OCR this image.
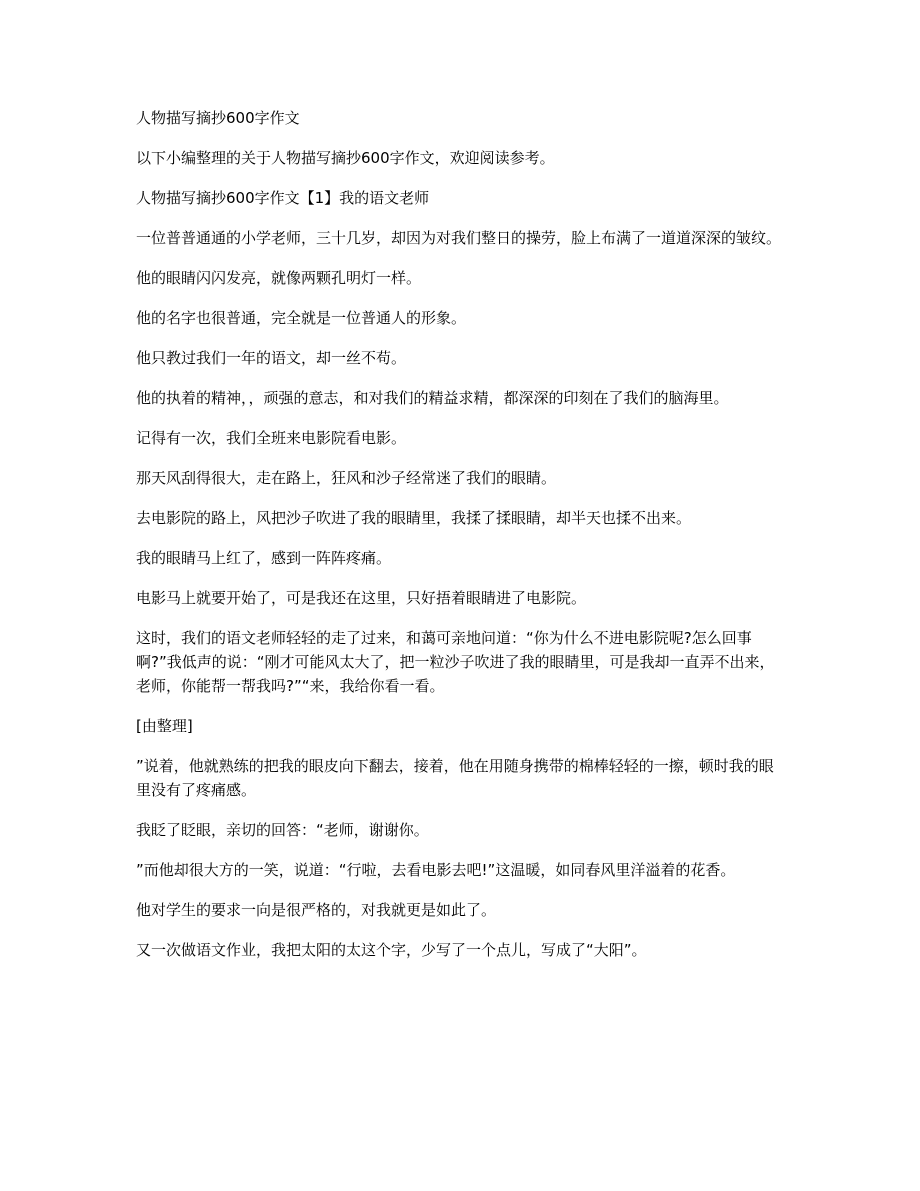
人物描写摘抄600字作文

以下小编整理的关于人物描写摘抄600字作文，欢迎阅读参考。

人物描写摘抄600字作文【1】我的语文老师

一位普普通通的小学老师，三十几岁，却因为对我们整日的操劳，脸上布满了一道道深深的皱纹。

他的眼睛闪闪发亮，就像两颗孔明灯一样。

他的名字也很普通，完全就是一位普通人的形象。

他只教过我们一年的语文，却一丝不苟。

他的执着的精神，，顽强的意志，和对我们的精益求精，都深深的印刻在了我们的脑海里。

记得有一次，我们全班来电影院看电影。

那天风刮得很大，走在路上，狂风和沙子经常迷了我们的眼睛。

去电影院的路上，风把沙子吹进了我的眼睛里，我揉了揉眼睛，却半天也揉不出来。

我的眼睛马上红了，感到一阵阵疼痛。

电影马上就要开始了，可是我还在这里，只好捂着眼睛进了电影院。

这时，我们的语文老师轻轻的走了过来，和蔼可亲地问道：“你为什么不进电影院呢?怎么回事啊?”我低声的说：“刚才可能风太大了，把一粒沙子吹进了我的眼睛里，可是我却一直弄不出来，老师，你能帮一帮我吗?”“来，我给你看一看。

[由整理]

”说着，他就熟练的把我的眼皮向下翻去，接着，他在用随身携带的棉棒轻轻的一擦，顿时我的眼里没有了疼痛感。

我眨了眨眼，亲切的回答：“老师，谢谢你。

”而他却很大方的一笑，说道：“行啦，去看电影去吧!”这温暖，如同春风里洋溢着的花香。

他对学生的要求一向是很严格的，对我就更是如此了。

又一次做语文作业，我把太阳的太这个字，少写了一个点儿，写成了“大阳”。
